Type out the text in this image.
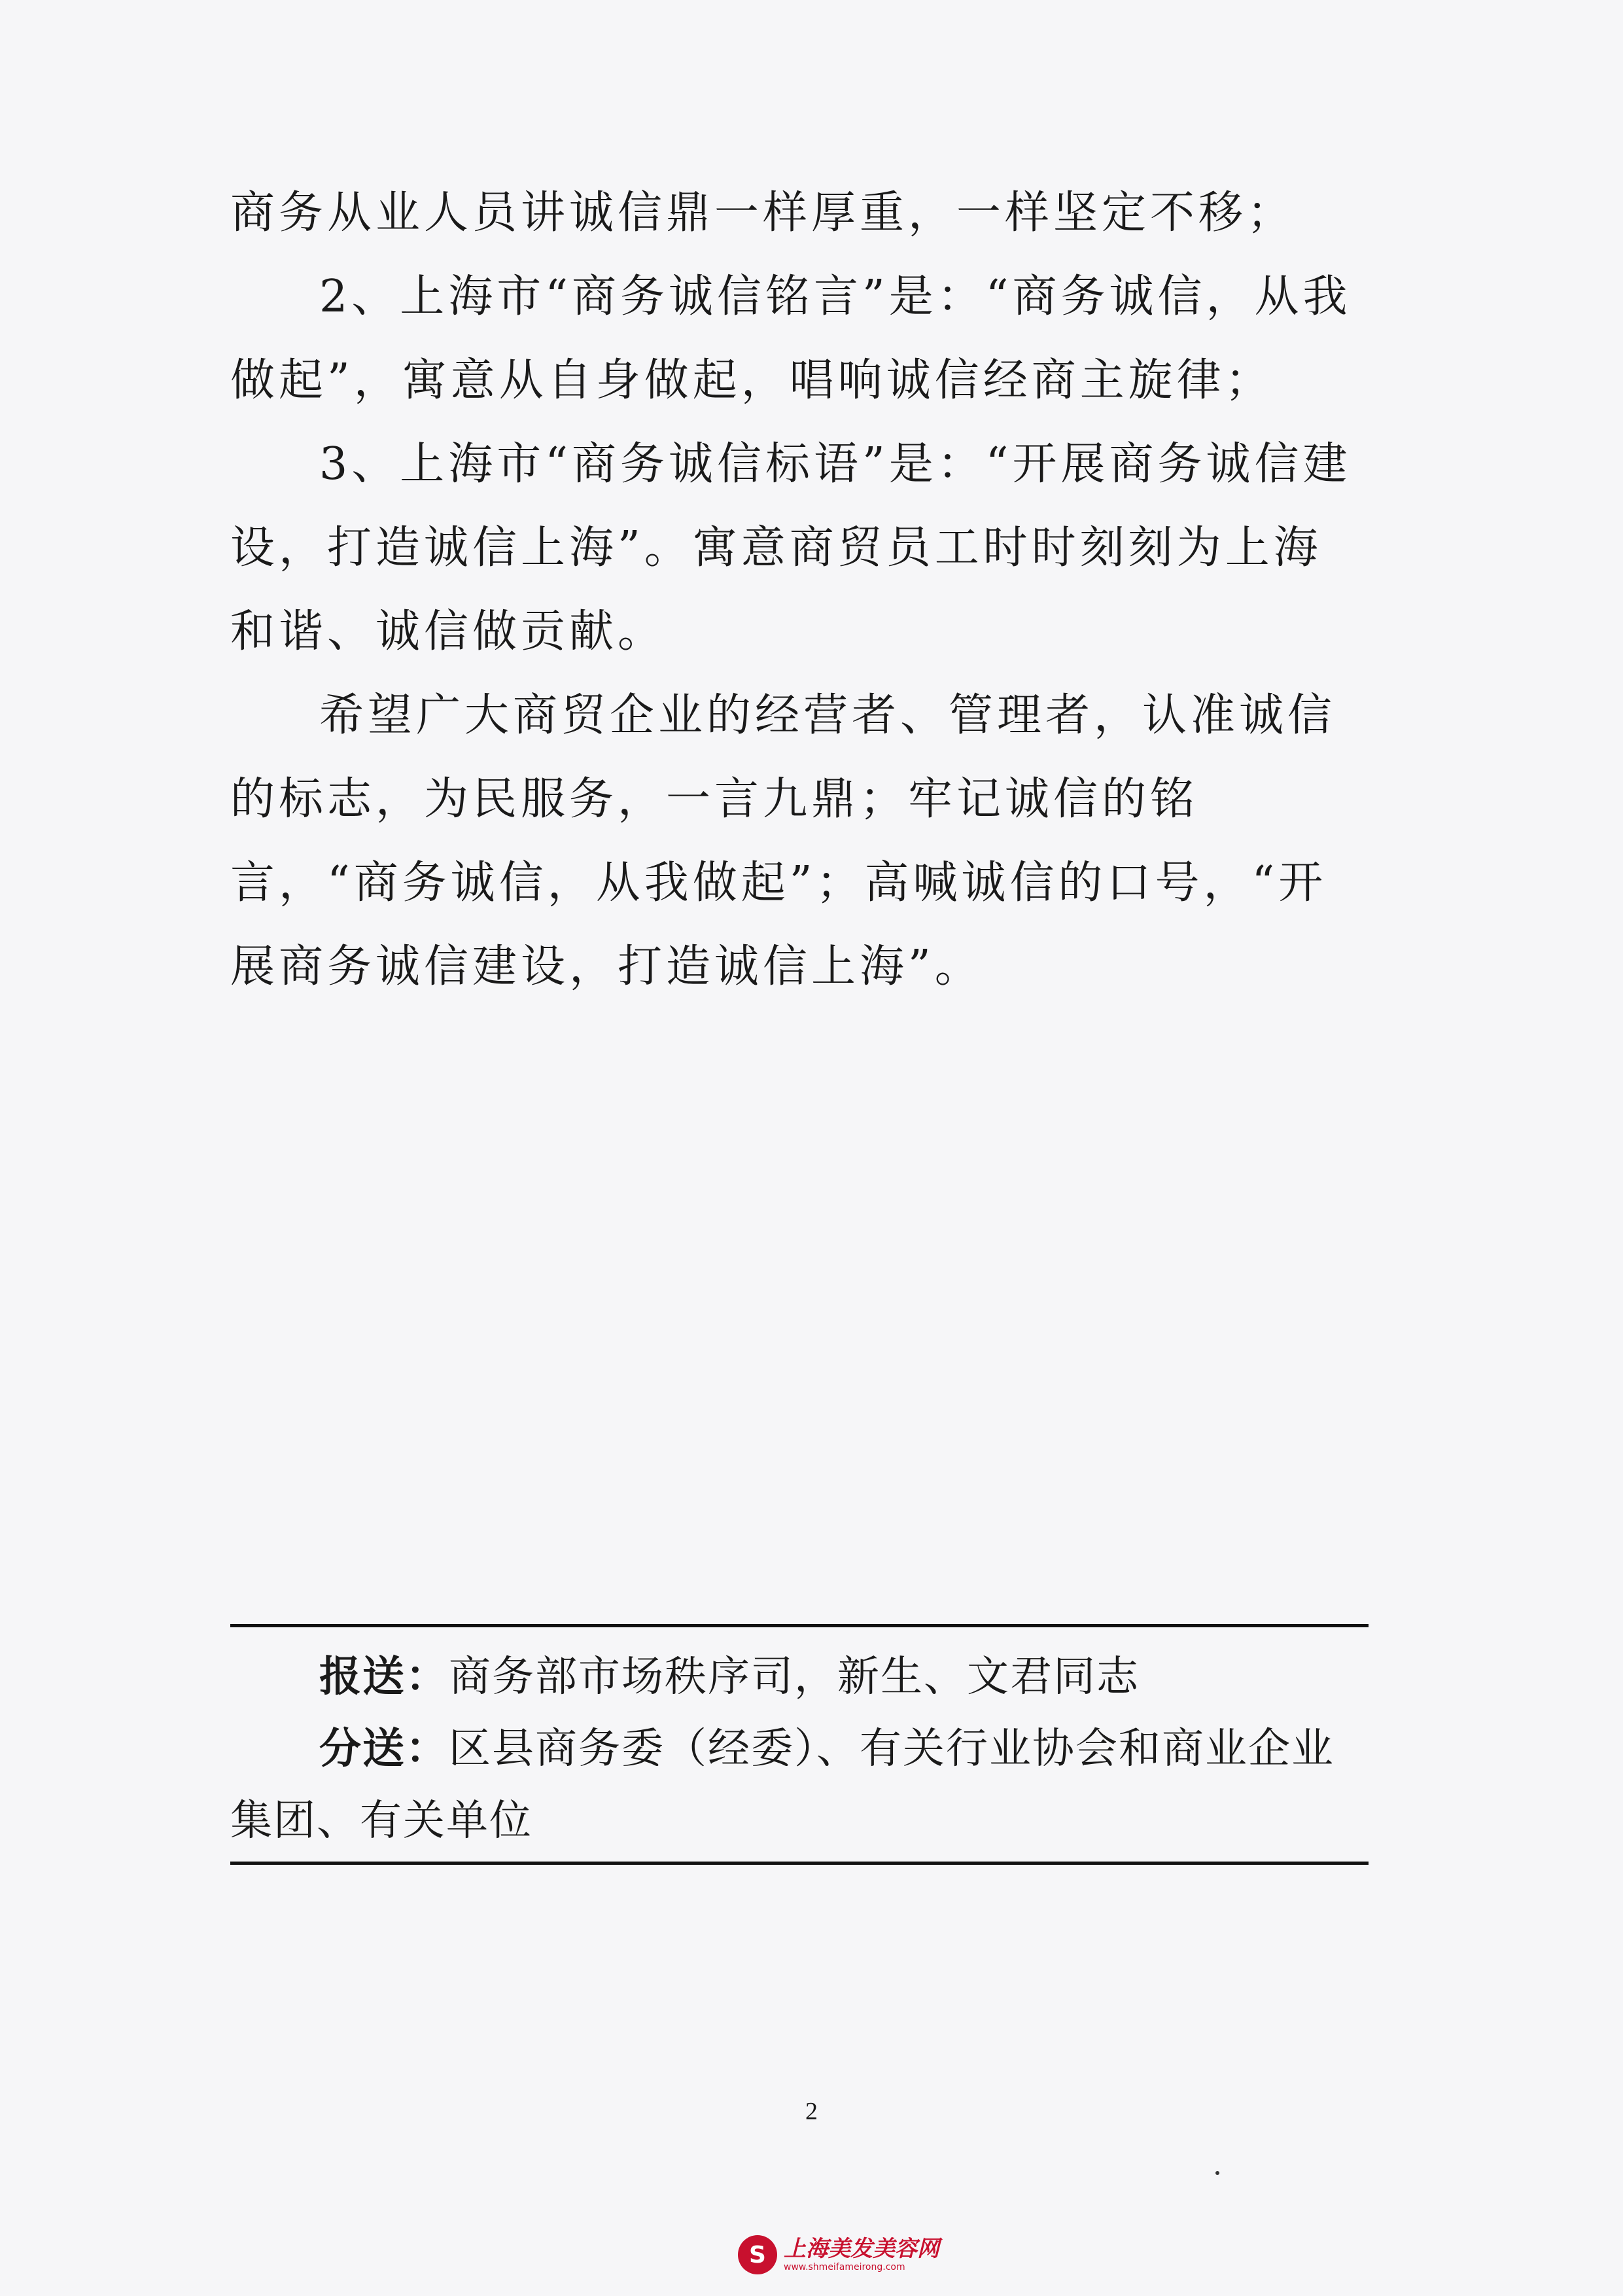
商务从业人员讲诚信鼎一样厚重，一样坚定不移；

2、上海市“商务诚信铭言”是：“商务诚信，从我做起”，寓意从自身做起，唱响诚信经商主旋律；

3、上海市“商务诚信标语”是：“开展商务诚信建设，打造诚信上海”。寓意商贸员工时时刻刻为上海和谐、诚信做贡献。

希望广大商贸企业的经营者、管理者，认准诚信的标志，为民服务，一言九鼎；牢记诚信的铭言，“商务诚信，从我做起”；高喊诚信的口号，“开展商务诚信建设，打造诚信上海”。

报送：商务部市场秩序司，新生、文君同志

分送：区县商务委（经委）、有关行业协会和商业企业集团、有关单位

2
S 上海美发美容网
www.shmeifameirong.com
